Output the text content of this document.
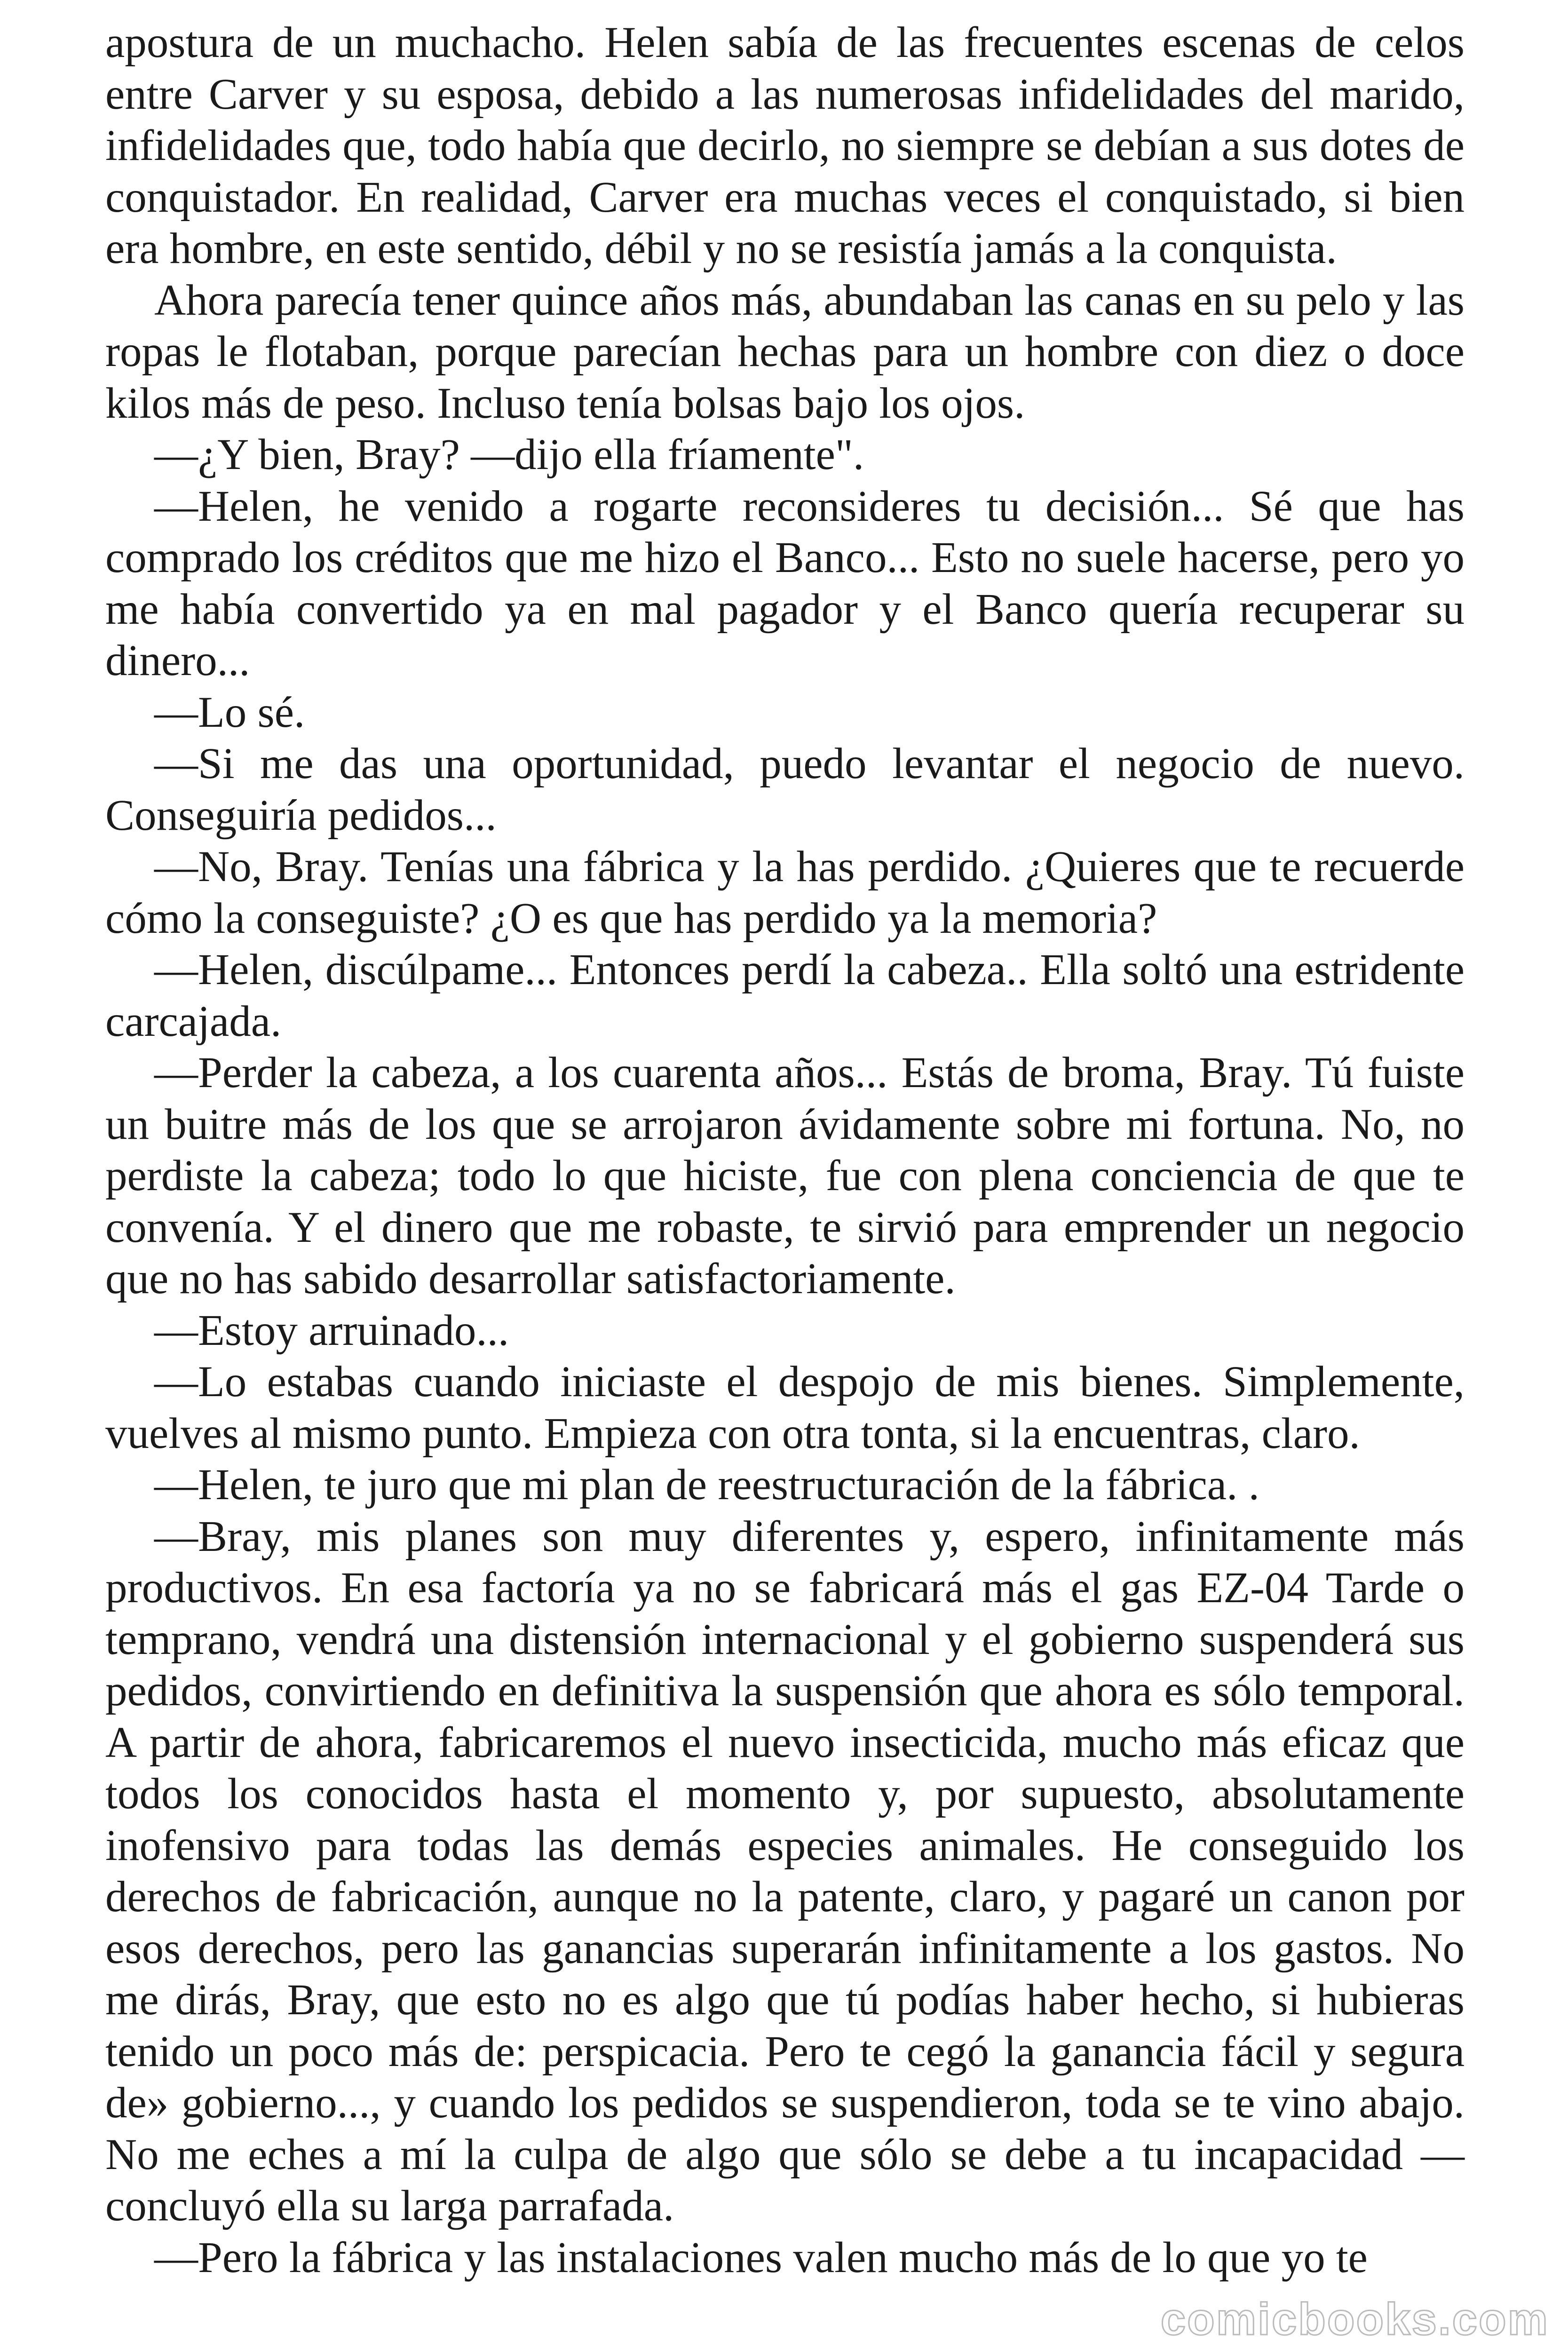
apostura de un muchacho. Helen sabía de las frecuentes escenas de celos entre Carver y su esposa, debido a las numerosas infidelidades del marido, infidelidades que, todo había que decirlo, no siempre se debían a sus dotes de conquistador. En realidad, Carver era muchas veces el conquistado, si bien era hombre, en este sentido, débil y no se resistía jamás a la conquista.

Ahora parecía tener quince años más, abundaban las canas en su pelo y las ropas le flotaban, porque parecían hechas para un hombre con diez o doce kilos más de peso. Incluso tenía bolsas bajo los ojos.

—¿Y bien, Bray? —dijo ella fríamente".

—Helen, he venido a rogarte reconsideres tu decisión... Sé que has comprado los créditos que me hizo el Banco... Esto no suele hacerse, pero yo me había convertido ya en mal pagador y el Banco quería recuperar su dinero...

—Lo sé.

—Si me das una oportunidad, puedo levantar el negocio de nuevo. Conseguiría pedidos...

—No, Bray. Tenías una fábrica y la has perdido. ¿Quieres que te recuerde cómo la conseguiste? ¿O es que has perdido ya la memoria?

—Helen, discúlpame... Entonces perdí la cabeza.. Ella soltó una estridente carcajada.

—Perder la cabeza, a los cuarenta años... Estás de broma, Bray. Tú fuiste un buitre más de los que se arrojaron ávidamente sobre mi fortuna. No, no perdiste la cabeza; todo lo que hiciste, fue con plena conciencia de que te convenía. Y el dinero que me robaste, te sirvió para emprender un negocio que no has sabido desarrollar satisfactoriamente.

—Estoy arruinado...

—Lo estabas cuando iniciaste el despojo de mis bienes. Simplemente, vuelves al mismo punto. Empieza con otra tonta, si la encuentras, claro.

—Helen, te juro que mi plan de reestructuración de la fábrica. .

—Bray, mis planes son muy diferentes y, espero, infinitamente más productivos. En esa factoría ya no se fabricará más el gas EZ-04 Tarde o temprano, vendrá una distensión internacional y el gobierno suspenderá sus pedidos, convirtiendo en definitiva la suspensión que ahora es sólo temporal. A partir de ahora, fabricaremos el nuevo insecticida, mucho más eficaz que todos los conocidos hasta el momento y, por supuesto, absolutamente inofensivo para todas las demás especies animales. He conseguido los derechos de fabricación, aunque no la patente, claro, y pagaré un canon por esos derechos, pero las ganancias superarán infinitamente a los gastos. No me dirás, Bray, que esto no es algo que tú podías haber hecho, si hubieras tenido un poco más de: perspicacia. Pero te cegó la ganancia fácil y segura de» gobierno..., y cuando los pedidos se suspendieron, toda se te vino abajo. No me eches a mí la culpa de algo que sólo se debe a tu incapacidad —concluyó ella su larga parrafada.

—Pero la fábrica y las instalaciones valen mucho más de lo que yo te

comicbooks.com
